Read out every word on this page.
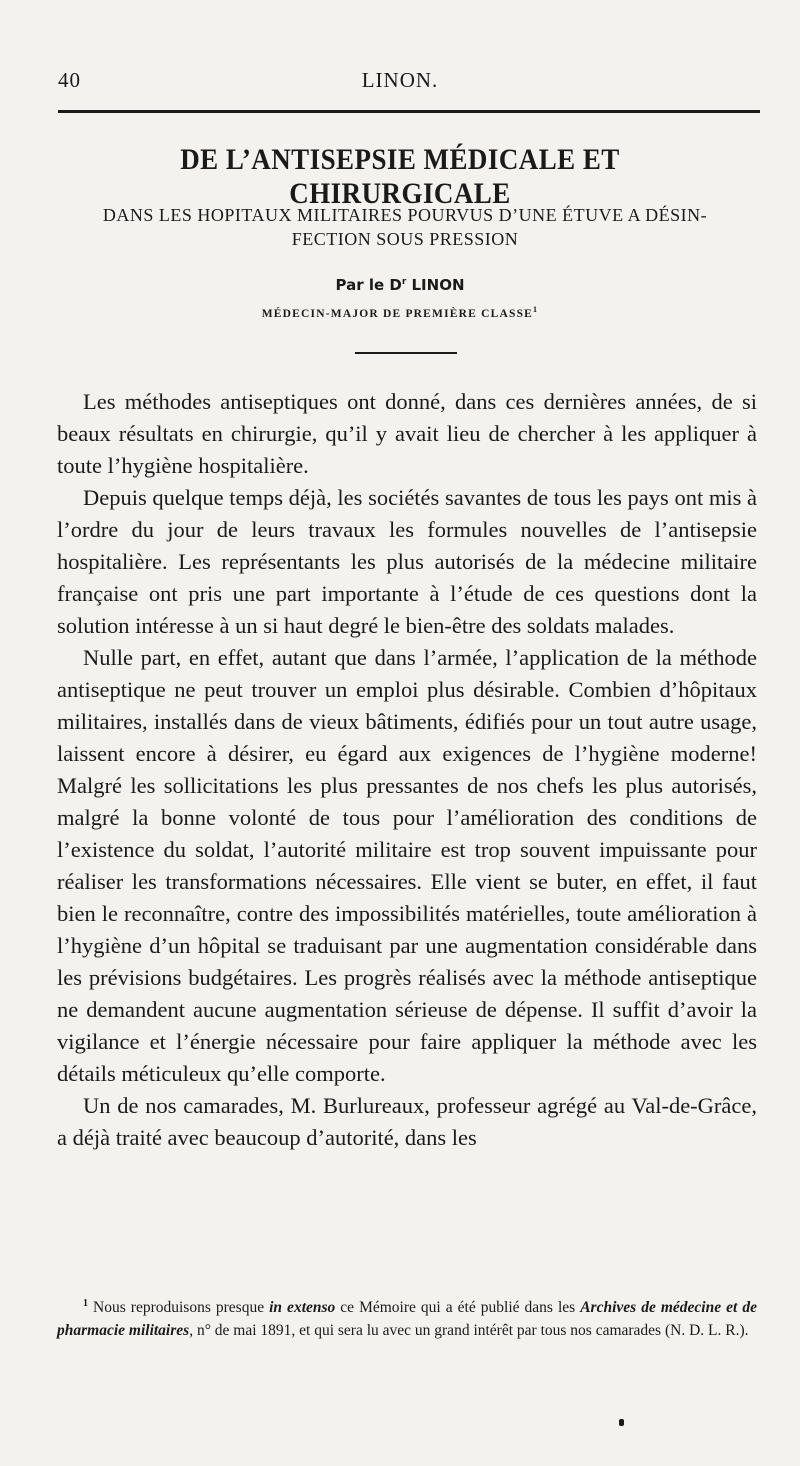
40	LINON.
DE L’ANTISEPSIE MÉDICALE ET CHIRURGICALE
DANS LES HOPITAUX MILITAIRES POURVUS D’UNE ÉTUVE A DÉSIN-
FECTION SOUS PRESSION
Par le $D^r$ LINON
MÉDECIN-MAJOR DE PREMIÈRE CLASSE$^1$

Les méthodes antiseptiques ont donné, dans ces dernières années, de si beaux résultats en chirurgie, qu’il y avait lieu de chercher à les appliquer à toute l’hygiène hospitalière.

Depuis quelque temps déjà, les sociétés savantes de tous les pays ont mis à l’ordre du jour de leurs travaux les formules nouvelles de l’antisepsie hospitalière. Les représentants les plus autorisés de la médecine militaire française ont pris une part importante à l’étude de ces questions dont la solution intéresse à un si haut degré le bien-être des soldats malades.

Nulle part, en effet, autant que dans l’armée, l’application de la méthode antiseptique ne peut trouver un emploi plus désirable. Combien d’hôpitaux militaires, installés dans de vieux bâtiments, édifiés pour un tout autre usage, laissent encore à désirer, eu égard aux exigences de l’hygiène moderne! Malgré les sollicitations les plus pressantes de nos chefs les plus autorisés, malgré la bonne volonté de tous pour l’amélioration des conditions de l’existence du soldat, l’autorité militaire est trop souvent impuissante pour réaliser les transformations nécessaires. Elle vient se buter, en effet, il faut bien le reconnaître, contre des impossibilités matérielles, toute amélioration à l’hygiène d’un hôpital se traduisant par une augmentation considérable dans les prévisions budgétaires. Les progrès réalisés avec la méthode antiseptique ne demandent aucune augmentation sérieuse de dépense. Il suffit d’avoir la vigilance et l’énergie nécessaire pour faire appliquer la méthode avec les détails méticuleux qu’elle comporte.

Un de nos camarades, M. Burlureaux, professeur agrégé au Val-de-Grâce, a déjà traité avec beaucoup d’autorité, dans les

$^1$ Nous reproduisons presque in extenso ce Mémoire qui a été publié dans les Archives de médecine et de pharmacie militaires, n° de mai 1891, et qui sera lu avec un grand intérêt par tous nos camarades (N. D. L. R.).
